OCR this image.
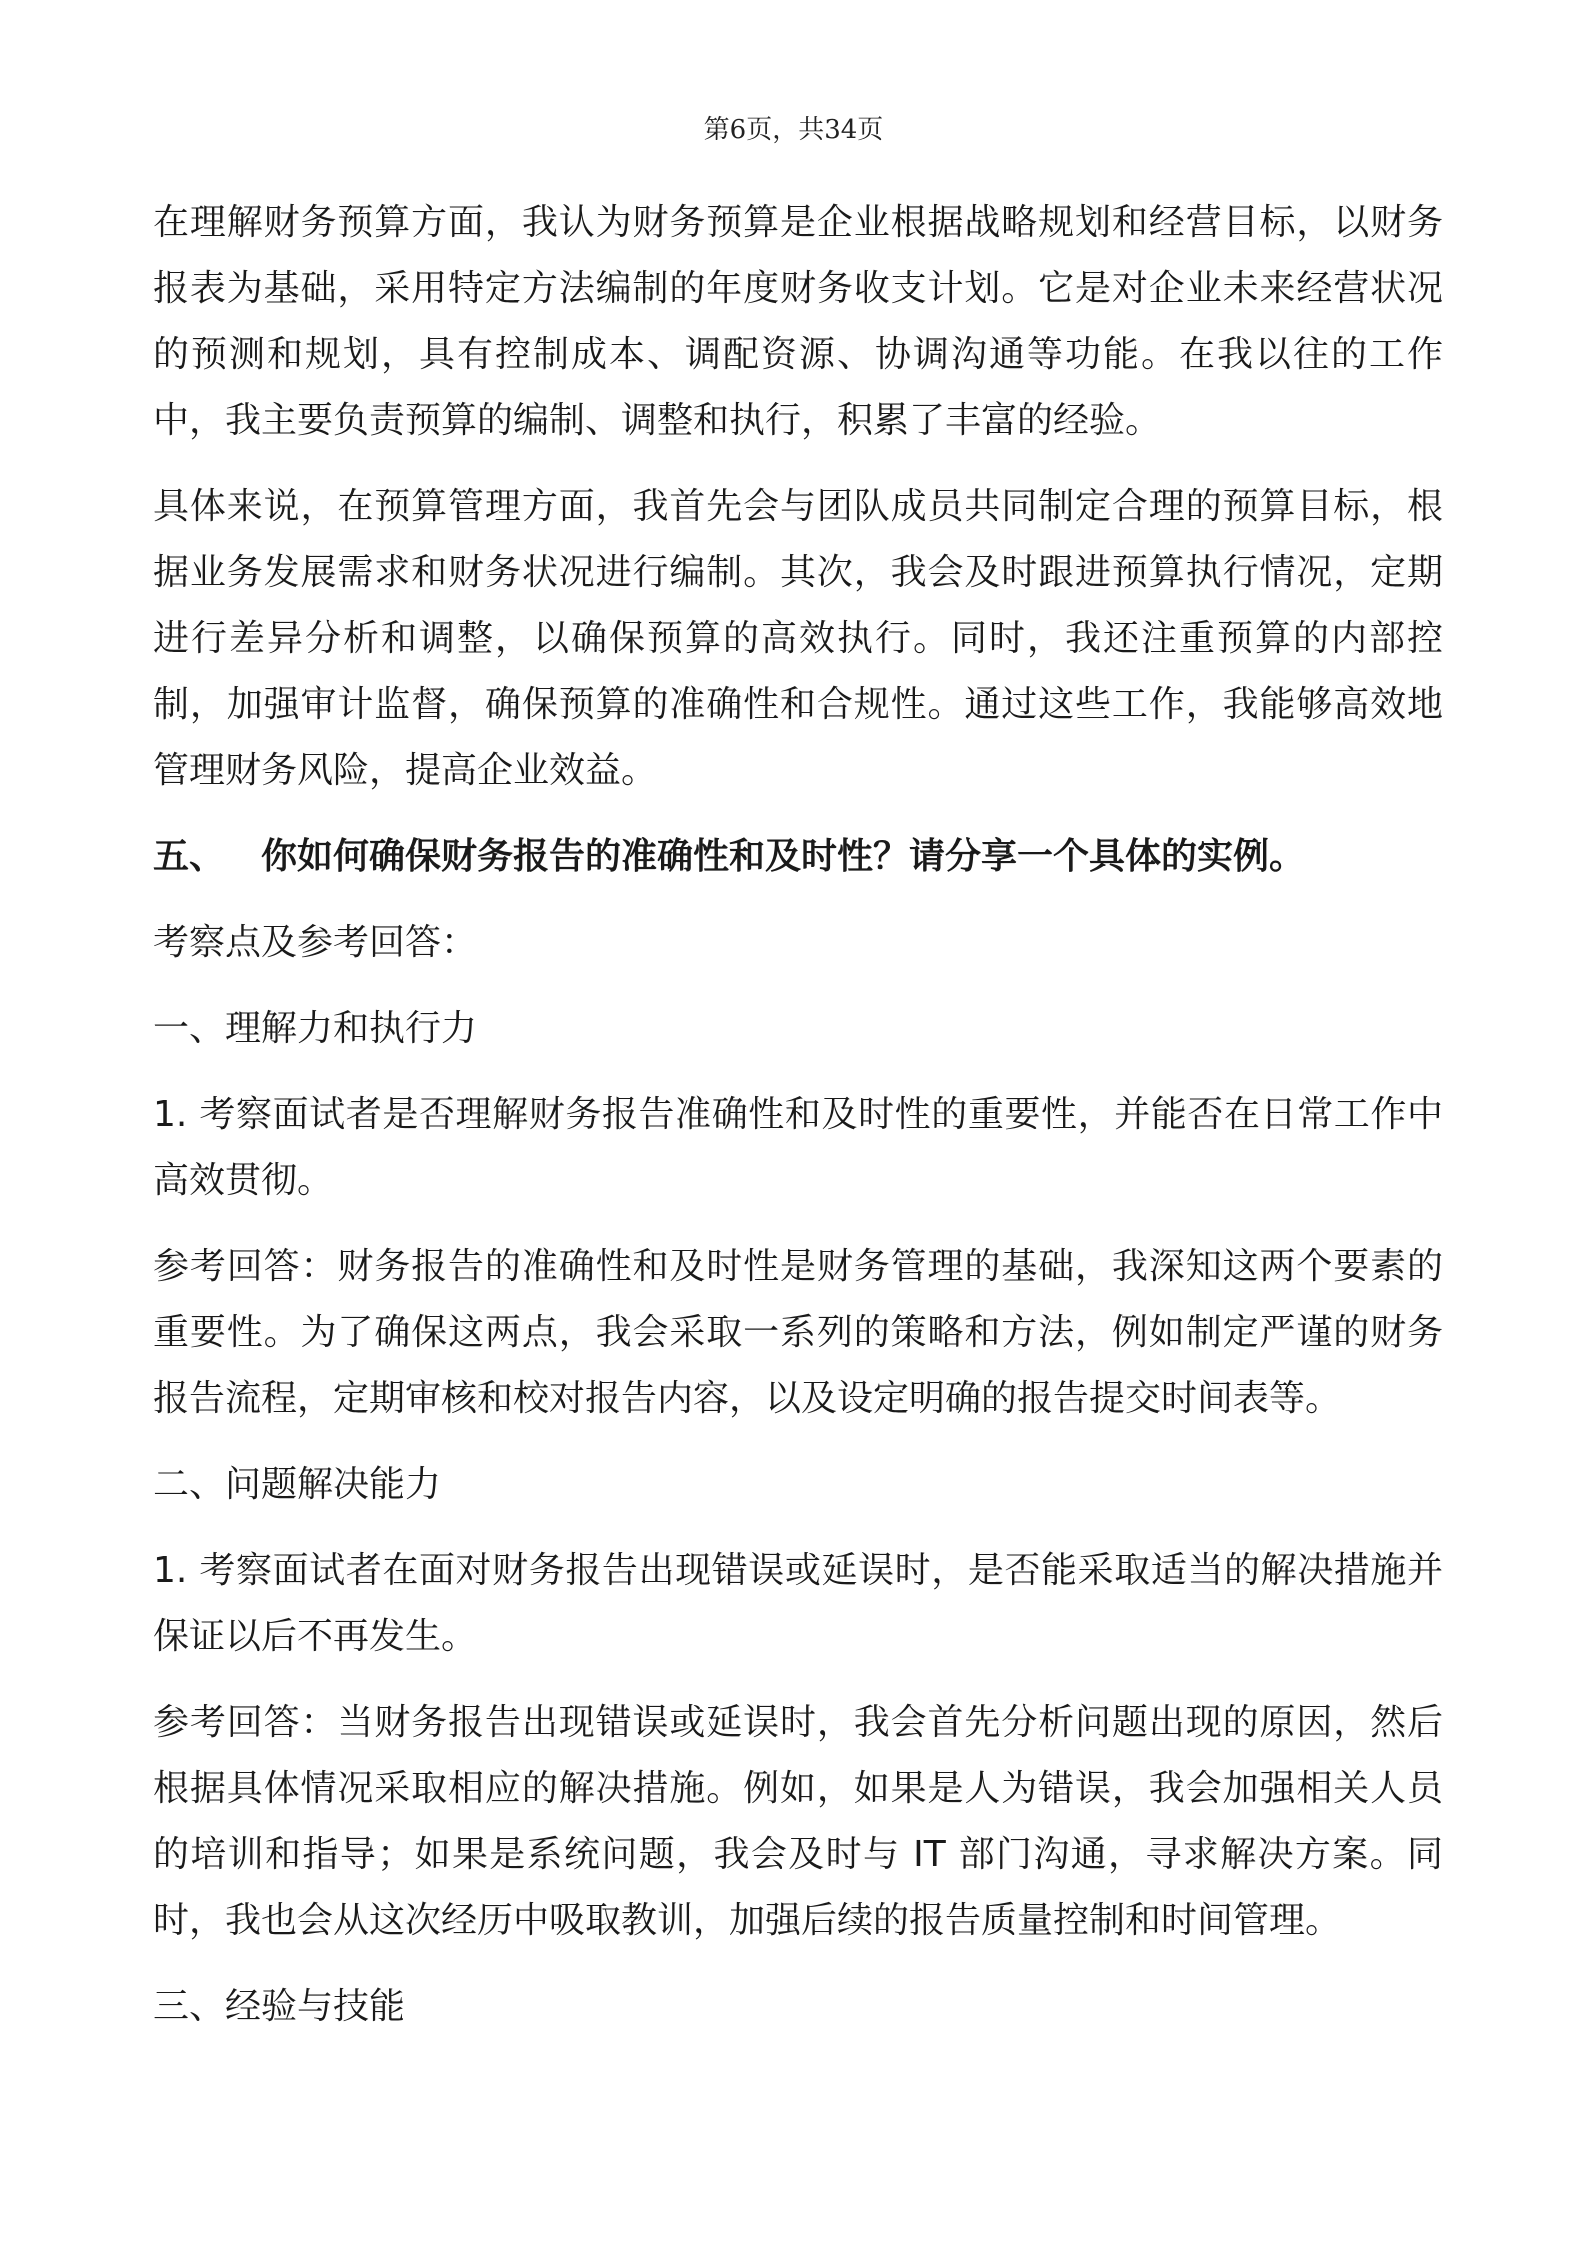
第6页，共34页

在理解财务预算方面，我认为财务预算是企业根据战略规划和经营目标，以财务报表为基础，采用特定方法编制的年度财务收支计划。它是对企业未来经营状况的预测和规划，具有控制成本、调配资源、协调沟通等功能。在我以往的工作中，我主要负责预算的编制、调整和执行，积累了丰富的经验。

具体来说，在预算管理方面，我首先会与团队成员共同制定合理的预算目标，根据业务发展需求和财务状况进行编制。其次，我会及时跟进预算执行情况，定期进行差异分析和调整，以确保预算的高效执行。同时，我还注重预算的内部控制，加强审计监督，确保预算的准确性和合规性。通过这些工作，我能够高效地管理财务风险，提高企业效益。

五、 你如何确保财务报告的准确性和及时性？请分享一个具体的实例。

考察点及参考回答：

一、理解力和执行力

1. 考察面试者是否理解财务报告准确性和及时性的重要性，并能否在日常工作中高效贯彻。

参考回答：财务报告的准确性和及时性是财务管理的基础，我深知这两个要素的重要性。为了确保这两点，我会采取一系列的策略和方法，例如制定严谨的财务报告流程，定期审核和校对报告内容，以及设定明确的报告提交时间表等。

二、问题解决能力

1. 考察面试者在面对财务报告出现错误或延误时，是否能采取适当的解决措施并保证以后不再发生。

参考回答：当财务报告出现错误或延误时，我会首先分析问题出现的原因，然后根据具体情况采取相应的解决措施。例如，如果是人为错误，我会加强相关人员的培训和指导；如果是系统问题，我会及时与 IT 部门沟通，寻求解决方案。同时，我也会从这次经历中吸取教训，加强后续的报告质量控制和时间管理。

三、经验与技能
